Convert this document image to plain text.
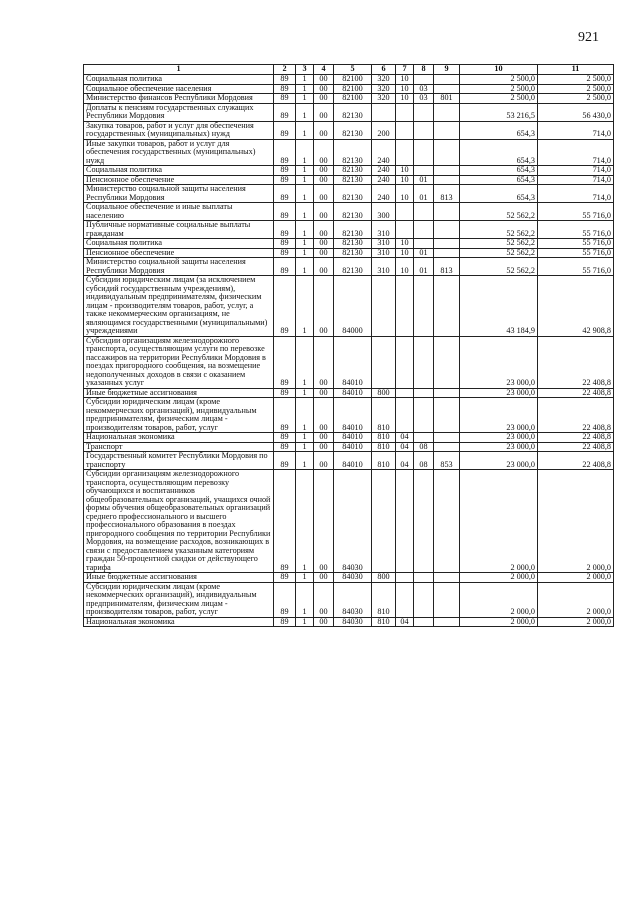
921
1	2	3	4	5	6	7	8	9	10	11
Социальная политика	89	1	00	82100	320	10			2 500,0	2 500,0
Социальное обеспечение населения	89	1	00	82100	320	10	03		2 500,0	2 500,0
Министерство финансов Республики Мордовия	89	1	00	82100	320	10	03	801	2 500,0	2 500,0
Доплаты к пенсиям государственных служащих Республики Мордовия	89	1	00	82130					53 216,5	56 430,0
Закупка товаров, работ и услуг для обеспечения государственных (муниципальных) нужд	89	1	00	82130	200				654,3	714,0
Иные закупки товаров, работ и услуг для обеспечения государственных (муниципальных) нужд	89	1	00	82130	240				654,3	714,0
Социальная политика	89	1	00	82130	240	10			654,3	714,0
Пенсионное обеспечение	89	1	00	82130	240	10	01		654,3	714,0
Министерство социальной защиты населения Республики Мордовия	89	1	00	82130	240	10	01	813	654,3	714,0
Социальное обеспечение и иные выплаты населению	89	1	00	82130	300				52 562,2	55 716,0
Публичные нормативные социальные выплаты гражданам	89	1	00	82130	310				52 562,2	55 716,0
Социальная политика	89	1	00	82130	310	10			52 562,2	55 716,0
Пенсионное обеспечение	89	1	00	82130	310	10	01		52 562,2	55 716,0
Министерство социальной защиты населения Республики Мордовия	89	1	00	82130	310	10	01	813	52 562,2	55 716,0
Субсидии юридическим лицам (за исключением субсидий государственным учреждениям), индивидуальным предпринимателям, физическим лицам - производителям товаров, работ, услуг, а также некоммерческим организациям, не являющимся государственными (муниципальными) учреждениями	89	1	00	84000					43 184,9	42 908,8
Субсидии организациям железнодорожного транспорта, осуществляющим услуги по перевозке пассажиров на территории Республики Мордовия в поездах пригородного сообщения, на возмещение недополученных доходов в связи с оказанием указанных услуг	89	1	00	84010					23 000,0	22 408,8
Иные бюджетные ассигнования	89	1	00	84010	800				23 000,0	22 408,8
Субсидии юридическим лицам (кроме некоммерческих организаций), индивидуальным предпринимателям, физическим лицам - производителям товаров, работ, услуг	89	1	00	84010	810				23 000,0	22 408,8
Национальная экономика	89	1	00	84010	810	04			23 000,0	22 408,8
Транспорт	89	1	00	84010	810	04	08		23 000,0	22 408,8
Государственный комитет Республики Мордовия по транспорту	89	1	00	84010	810	04	08	853	23 000,0	22 408,8
Субсидии организациям железнодорожного транспорта, осуществляющим перевозку обучающихся и воспитанников общеобразовательных организаций, учащихся очной формы обучения общеобразовательных организаций среднего профессионального и высшего профессионального образования в поездах пригородного сообщения по территории Республики Мордовия, на возмещение расходов, возникающих в связи с предоставлением указанным категориям граждан 50-процентной скидки от действующего тарифа	89	1	00	84030					2 000,0	2 000,0
Иные бюджетные ассигнования	89	1	00	84030	800				2 000,0	2 000,0
Субсидии юридическим лицам (кроме некоммерческих организаций), индивидуальным предпринимателям, физическим лицам - производителям товаров, работ, услуг	89	1	00	84030	810				2 000,0	2 000,0
Национальная экономика	89	1	00	84030	810	04			2 000,0	2 000,0
